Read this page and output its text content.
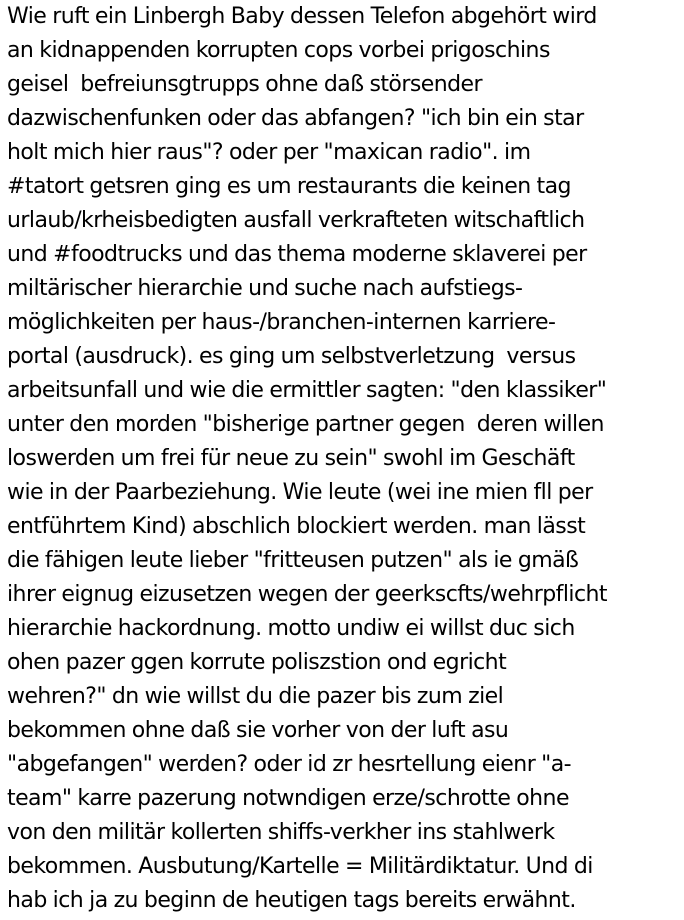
Wie ruft ein Linbergh Baby dessen Telefon abgehört wird
an kidnappenden korrupten cops vorbei prigoschins
geisel  befreiunsgtrupps ohne daß störsender
dazwischenfunken oder das abfangen? "ich bin ein star
holt mich hier raus"? oder per "maxican radio". im
#tatort getsren ging es um restaurants die keinen tag
urlaub/krheisbedigten ausfall verkrafteten witschaftlich
und #foodtrucks und das thema moderne sklaverei per
miltärischer hierarchie und suche nach aufstiegs-
möglichkeiten per haus-/branchen-internen karriere-
portal (ausdruck). es ging um selbstverletzung  versus
arbeitsunfall und wie die ermittler sagten: "den klassiker"
unter den morden "bisherige partner gegen  deren willen
loswerden um frei für neue zu sein" swohl im Geschäft
wie in der Paarbeziehung. Wie leute (wei ine mien fll per
entführtem Kind) abschlich blockiert werden. man lässt
die fähigen leute lieber "fritteusen putzen" als ie gmäß
ihrer eignug eizusetzen wegen der geerkscfts/wehrpflicht
hierarchie hackordnung. motto undiw ei willst duc sich
ohen pazer ggen korrute poliszstion ond egricht
wehren?" dn wie willst du die pazer bis zum ziel
bekommen ohne daß sie vorher von der luft asu
"abgefangen" werden? oder id zr hesrtellung eienr "a-
team" karre pazerung notwndigen erze/schrotte ohne
von den militär kollerten shiffs-verkher ins stahlwerk
bekommen. Ausbutung/Kartelle = Militärdiktatur. Und di
hab ich ja zu beginn de heutigen tags bereits erwähnt.
